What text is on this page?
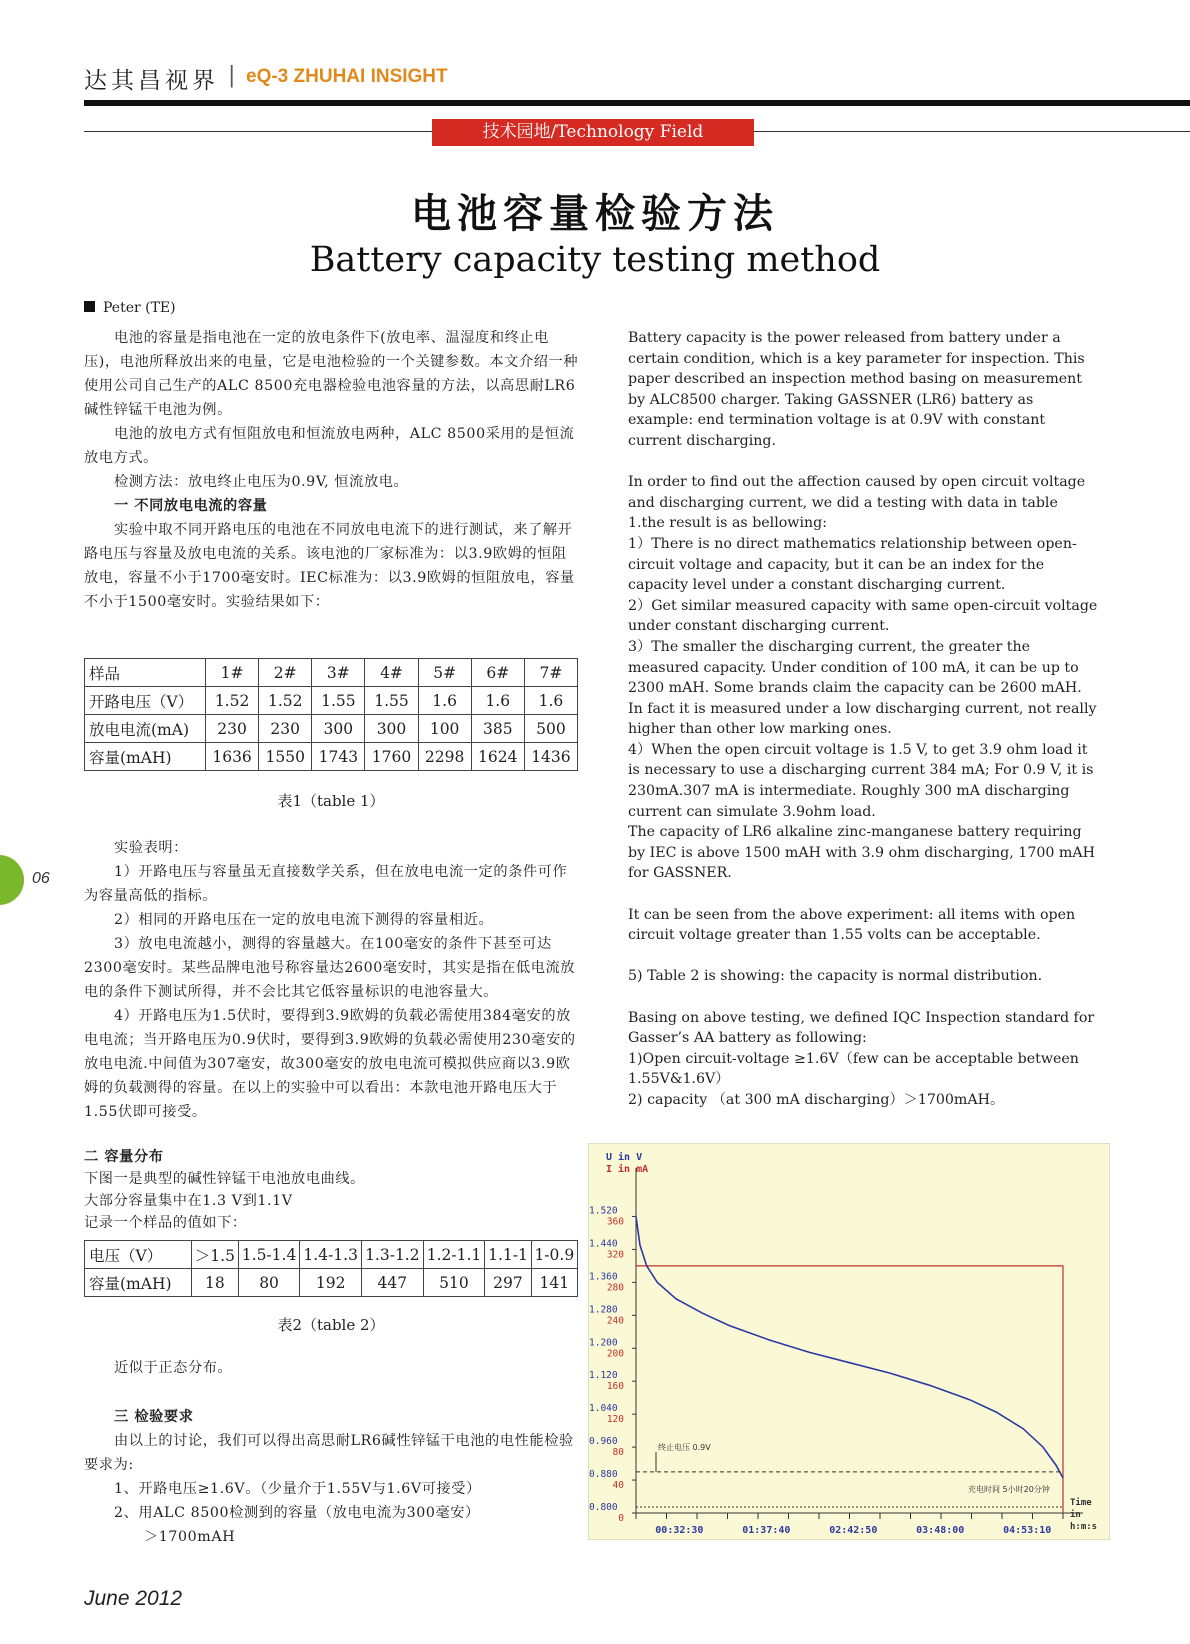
达其昌视界 | eQ-3 ZHUHAI INSIGHT
技术园地/Technology Field
电池容量检验方法
Battery capacity testing method
Peter (TE)

电池的容量是指电池在一定的放电条件下(放电率、温湿度和终止电压)，电池所释放出来的电量，它是电池检验的一个关键参数。本文介绍一种使用公司自己生产的ALC 8500充电器检验电池容量的方法，以高思耐LR6碱性锌锰干电池为例。

电池的放电方式有恒阻放电和恒流放电两种，ALC 8500采用的是恒流放电方式。

检测方法：放电终止电压为0.9V, 恒流放电。

一 不同放电电流的容量

实验中取不同开路电压的电池在不同放电电流下的进行测试，来了解开路电压与容量及放电电流的关系。该电池的厂家标准为：以3.9欧姆的恒阻放电，容量不小于1700毫安时。IEC标准为：以3.9欧姆的恒阻放电，容量不小于1500毫安时。实验结果如下：

样品	1#	2#	3#	4#	5#	6#	7#
开路电压（V）	1.52	1.52	1.55	1.55	1.6	1.6	1.6
放电电流(mA)	230	230	300	300	100	385	500
容量(mAH)	1636	1550	1743	1760	2298	1624	1436
表1（table 1）

实验表明：

1）开路电压与容量虽无直接数学关系，但在放电电流一定的条件可作为容量高低的指标。

2）相同的开路电压在一定的放电电流下测得的容量相近。

3）放电电流越小，测得的容量越大。在100毫安的条件下甚至可达2300毫安时。某些品牌电池号称容量达2600毫安时，其实是指在低电流放电的条件下测试所得，并不会比其它低容量标识的电池容量大。

4）开路电压为1.5伏时，要得到3.9欧姆的负载必需使用384毫安的放电电流；当开路电压为0.9伏时，要得到3.9欧姆的负载必需使用230毫安的放电电流.中间值为307毫安，故300毫安的放电电流可模拟供应商以3.9欧姆的负载测得的容量。在以上的实验中可以看出：本款电池开路电压大于1.55伏即可接受。

二 容量分布

下图一是典型的碱性锌锰干电池放电曲线。

大部分容量集中在1.3 V到1.1V

记录一个样品的值如下：

电压（V）	＞1.5	1.5-1.4	1.4-1.3	1.3-1.2	1.2-1.1	1.1-1	1-0.9
容量(mAH)	18	80	192	447	510	297	141
表2（table 2）
近似于正态分布。

三 检验要求

由以上的讨论，我们可以得出高思耐LR6碱性锌锰干电池的电性能检验要求为:

1、开路电压≥1.6V。（少量介于1.55V与1.6V可接受）

2、用ALC 8500检测到的容量（放电电流为300毫安）

＞1700mAH

Battery capacity is the power released from battery under a certain condition, which is a key parameter for inspection. This paper described an inspection method basing on measurement by ALC8500 charger. Taking GASSNER (LR6) battery as example: end termination voltage is at 0.9V with constant current discharging.

In order to find out the affection caused by open circuit voltage and discharging current, we did a testing with data in table 1.the result is as bellowing:

1）There is no direct mathematics relationship between open-circuit voltage and capacity, but it can be an index for the capacity level under a constant discharging current.

2）Get similar measured capacity with same open-circuit voltage under constant discharging current.

3）The smaller the discharging current, the greater the measured capacity. Under condition of 100 mA, it can be up to 2300 mAH. Some brands claim the capacity can be 2600 mAH. In fact it is measured under a low discharging current, not really higher than other low marking ones.

4）When the open circuit voltage is 1.5 V, to get 3.9 ohm load it is necessary to use a discharging current 384 mA; For 0.9 V, it is 230mA.307 mA is intermediate. Roughly 300 mA discharging current can simulate 3.9ohm load.

The capacity of LR6 alkaline zinc-manganese battery requiring by IEC is above 1500 mAH with 3.9 ohm discharging, 1700 mAH for GASSNER.

It can be seen from the above experiment: all items with open circuit voltage greater than 1.55 volts can be acceptable.

5) Table 2 is showing: the capacity is normal distribution.

Basing on above testing, we defined IQC Inspection standard for Gasser’s AA battery as following:

1)Open circuit-voltage ≥1.6V（few can be acceptable between 1.55V&1.6V）

2) capacity （at 300 mA discharging）＞1700mAH。

06
June 2012
U in V
I in mA
1.520
360
1.440
320
1.360
280
1.280
240
1.200
200
1.120
160
1.040
120
0.960
80
0.880
40
0.800
0
00:32:30	01:37:40	02:42:50	03:48:00	04:53:10
Time
in
h:m:s
终止电压 0.9V
充电时间 5小时20分钟
